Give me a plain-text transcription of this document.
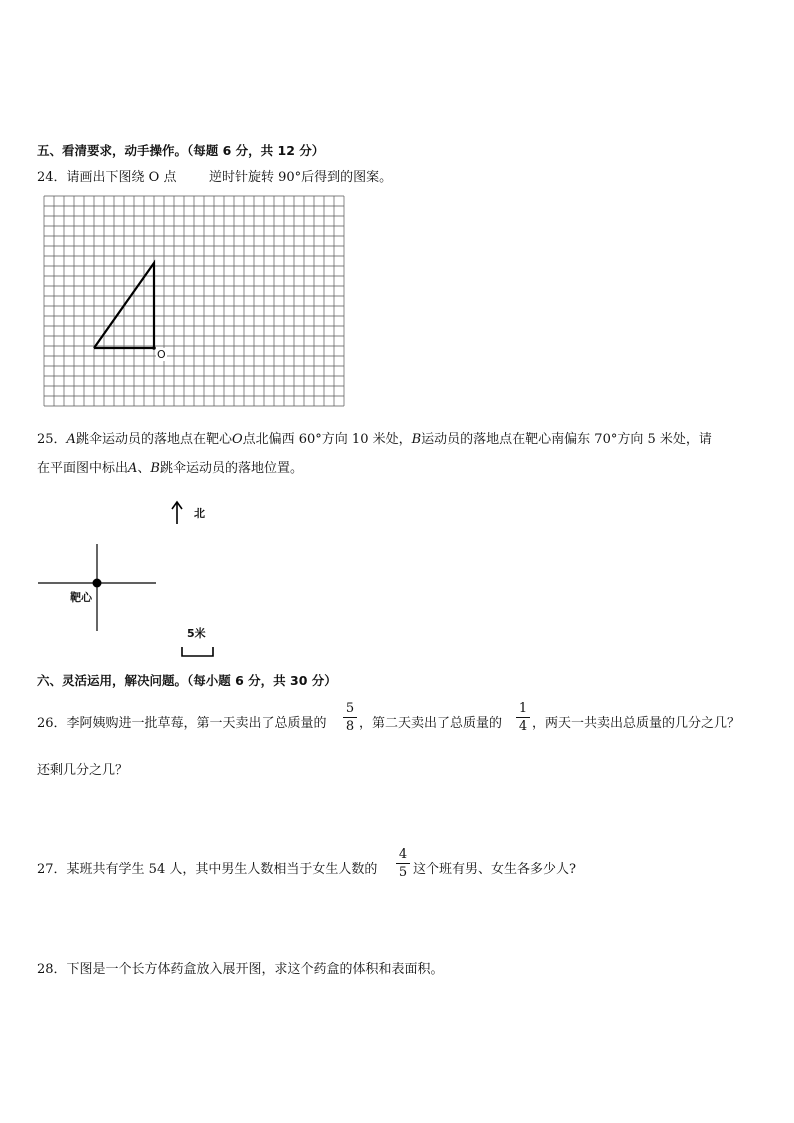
五、看清要求，动手操作。（每题 6 分，共 12 分）
24．请画出下图绕 O 点	逆时针旋转 90°后得到的图案。
O
25．A跳伞运动员的落地点在靶心O点北偏西 60°方向 10 米处，B运动员的落地点在靶心南偏东 70°方向 5 米处，请
在平面图中标出A、B跳伞运动员的落地位置。
北
靶心
5米
六、灵活运用，解决问题。（每小题 6 分，共 30 分）
26．李阿姨购进一批草莓，第一天卖出了总质量的
5
8 ，第二天卖出了总质量的
1
4 ，两天一共卖出总质量的几分之几？
还剩几分之几？
27．某班共有学生 54 人，其中男生人数相当于女生人数的
4
5 这个班有男、女生各多少人?
28．下图是一个长方体药盒放入展开图，求这个药盒的体积和表面积。
